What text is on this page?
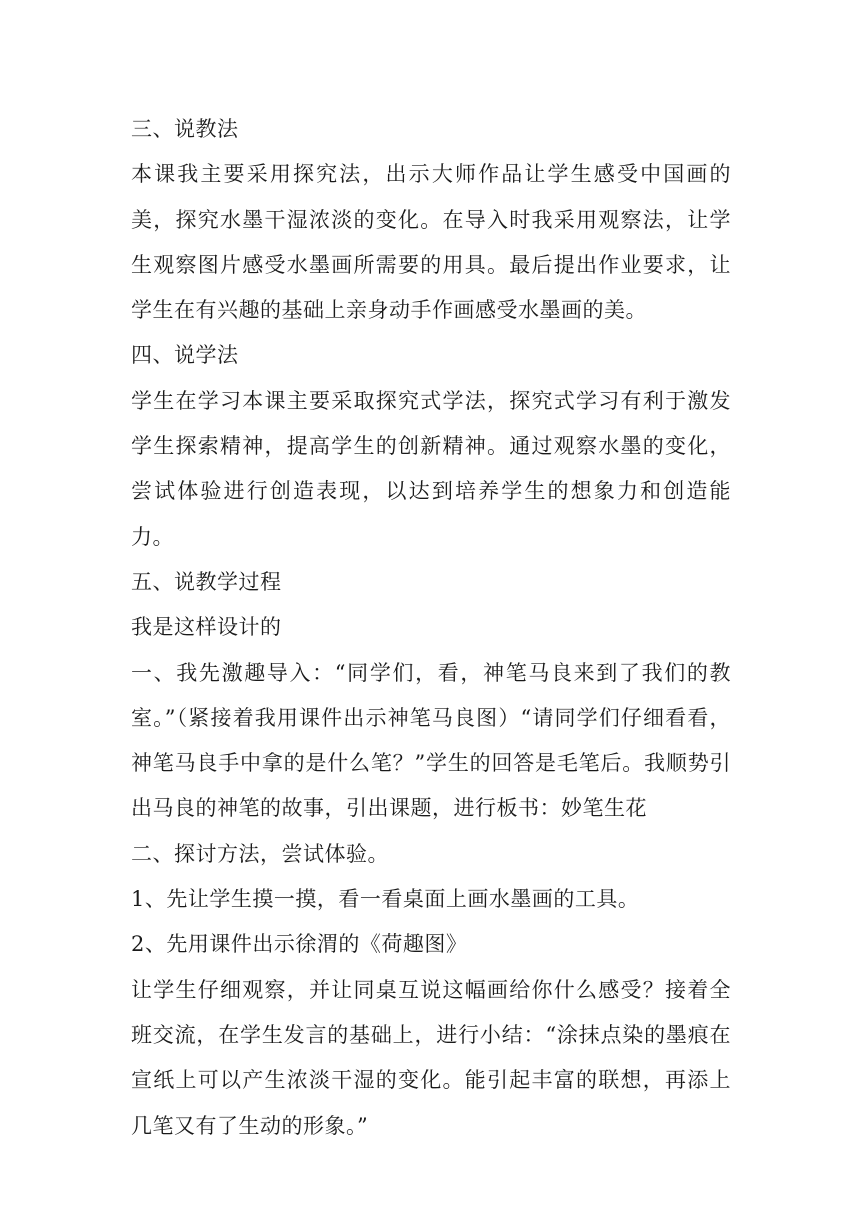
三、说教法

本课我主要采用探究法，出示大师作品让学生感受中国画的美，探究水墨干湿浓淡的变化。在导入时我采用观察法，让学生观察图片感受水墨画所需要的用具。最后提出作业要求，让学生在有兴趣的基础上亲身动手作画感受水墨画的美。

四、说学法

学生在学习本课主要采取探究式学法，探究式学习有利于激发学生探索精神，提高学生的创新精神。通过观察水墨的变化，尝试体验进行创造表现，以达到培养学生的想象力和创造能力。

五、说教学过程

我是这样设计的

一、我先激趣导入：“同学们，看，神笔马良来到了我们的教室。”（紧接着我用课件出示神笔马良图）“请同学们仔细看看，神笔马良手中拿的是什么笔？”学生的回答是毛笔后。我顺势引出马良的神笔的故事，引出课题，进行板书：妙笔生花

二、探讨方法，尝试体验。

1、先让学生摸一摸，看一看桌面上画水墨画的工具。

2、先用课件出示徐渭的《荷趣图》

让学生仔细观察，并让同桌互说这幅画给你什么感受？接着全班交流，在学生发言的基础上，进行小结：“涂抹点染的墨痕在宣纸上可以产生浓淡干湿的变化。能引起丰富的联想，再添上几笔又有了生动的形象。”
